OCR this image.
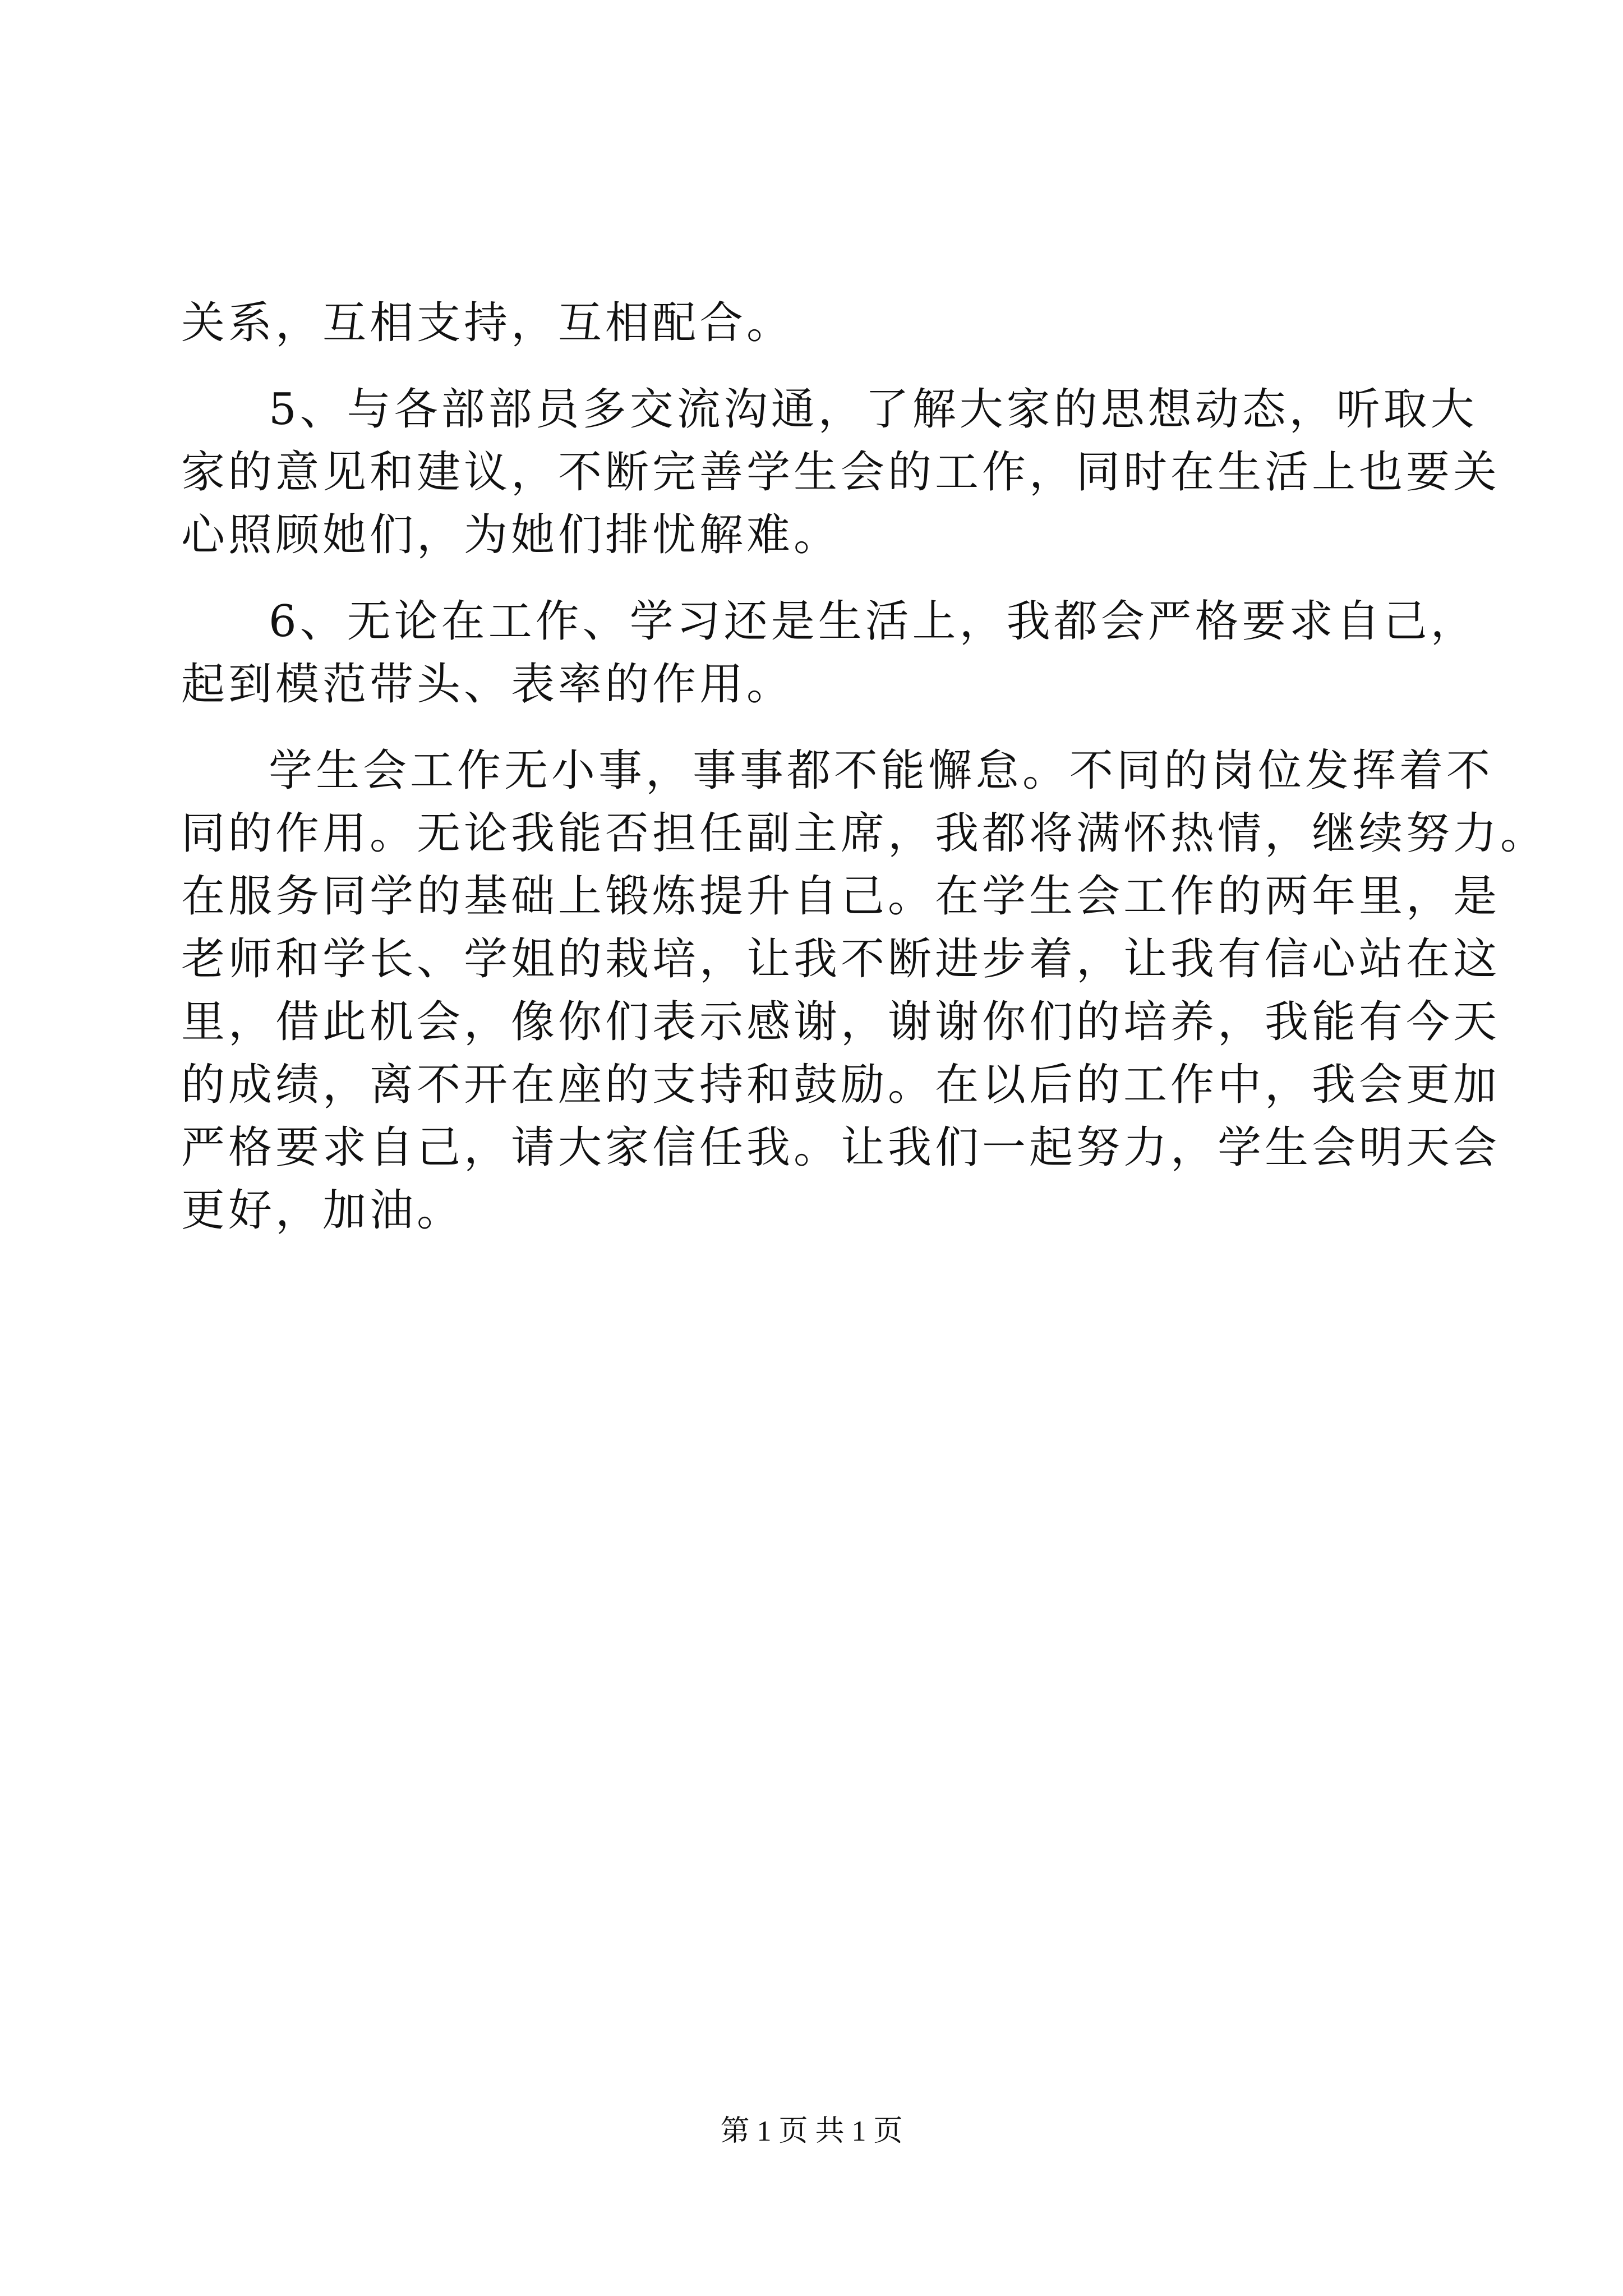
关系，互相支持，互相配合。
5、与各部部员多交流沟通，了解大家的思想动态，听取大
家的意见和建议，不断完善学生会的工作，同时在生活上也要关
心照顾她们，为她们排忧解难。
6、无论在工作、学习还是生活上，我都会严格要求自己，
起到模范带头、表率的作用。
学生会工作无小事，事事都不能懈怠。不同的岗位发挥着不
同的作用。无论我能否担任副主席，我都将满怀热情，继续努力。
在服务同学的基础上锻炼提升自己。在学生会工作的两年里，是
老师和学长、学姐的栽培，让我不断进步着，让我有信心站在这
里，借此机会，像你们表示感谢，谢谢你们的培养，我能有今天
的成绩，离不开在座的支持和鼓励。在以后的工作中，我会更加
严格要求自己，请大家信任我。让我们一起努力，学生会明天会
更好，加油。
第 1 页 共 1 页
